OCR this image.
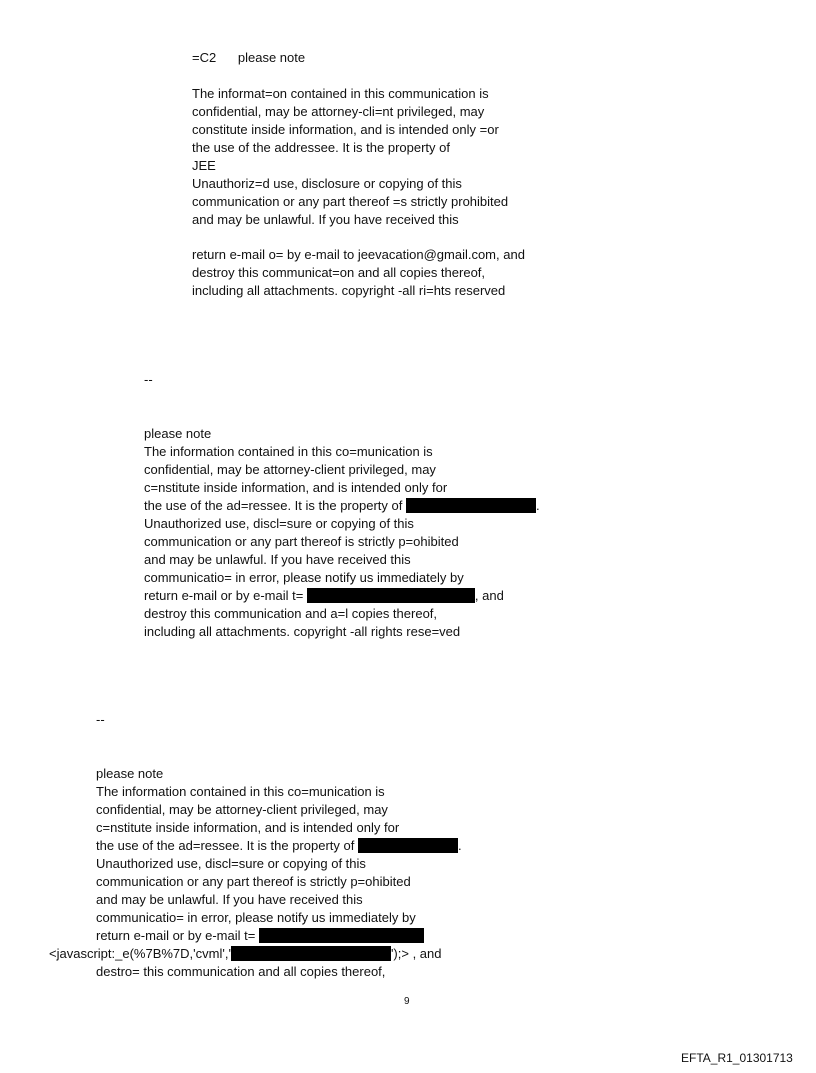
=C2      please note
The informat=on contained in this communication is
confidential, may be attorney-cli=nt privileged, may
constitute inside information, and is intended only =or
the use of the addressee. It is the property of
JEE
Unauthoriz=d use, disclosure or copying of this
communication or any part thereof =s strictly prohibited
and may be unlawful. If you have received this
return e-mail o= by e-mail to jeevacation@gmail.com, and
destroy this communicat=on and all copies thereof,
including all attachments. copyright -all ri=hts reserved
--
please note
The information contained in this co=munication is
confidential, may be attorney-client privileged, may
c=nstitute inside information, and is intended only for
the use of the ad=ressee. It is the property of	.
Unauthorized use, discl=sure or copying of this
communication or any part thereof is strictly p=ohibited
and may be unlawful. If you have received this
communicatio= in error, please notify us immediately by
return e-mail or by e-mail t=	, and
destroy this communication and a=l copies thereof,
including all attachments. copyright -all rights rese=ved
--
please note
The information contained in this co=munication is
confidential, may be attorney-client privileged, may
c=nstitute inside information, and is intended only for
the use of the ad=ressee. It is the property of	.
Unauthorized use, discl=sure or copying of this
communication or any part thereof is strictly p=ohibited
and may be unlawful. If you have received this
communicatio= in error, please notify us immediately by
return e-mail or by e-mail t=
<javascript:_e(%7B%7D,'cvml','	');> , and
destro= this communication and all copies thereof,
9
EFTA_R1_01301713
